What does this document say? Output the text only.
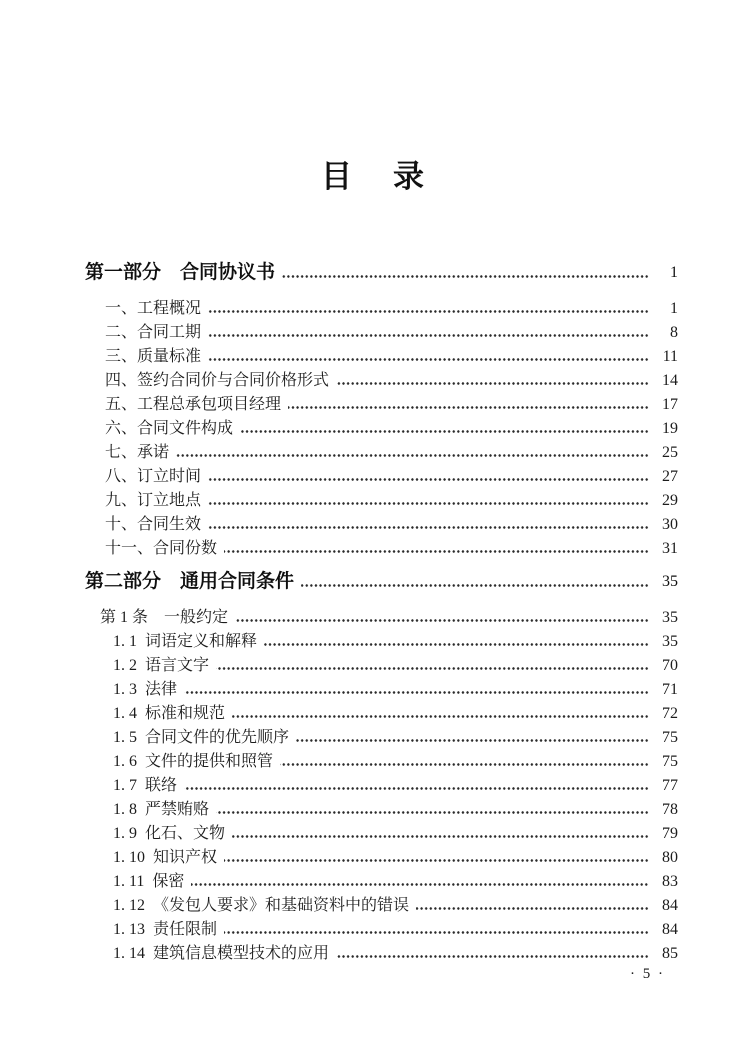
目　录
第一部分　合同协议书	1
一、工程概况	1
二、合同工期	8
三、质量标准	11
四、签约合同价与合同价格形式	14
五、工程总承包项目经理	17
六、合同文件构成	19
七、承诺	25
八、订立时间	27
九、订立地点	29
十、合同生效	30
十一、合同份数	31
第二部分　通用合同条件	35
第 1 条　一般约定	35
1. 1  词语定义和解释	35
1. 2  语言文字	70
1. 3  法律	71
1. 4  标准和规范	72
1. 5  合同文件的优先顺序	75
1. 6  文件的提供和照管	75
1. 7  联络	77
1. 8  严禁贿赂	78
1. 9  化石、文物	79
1. 10  知识产权	80
1. 11  保密	83
1. 12  《发包人要求》和基础资料中的错误	84
1. 13  责任限制	84
1. 14  建筑信息模型技术的应用	85
· 5 ·
